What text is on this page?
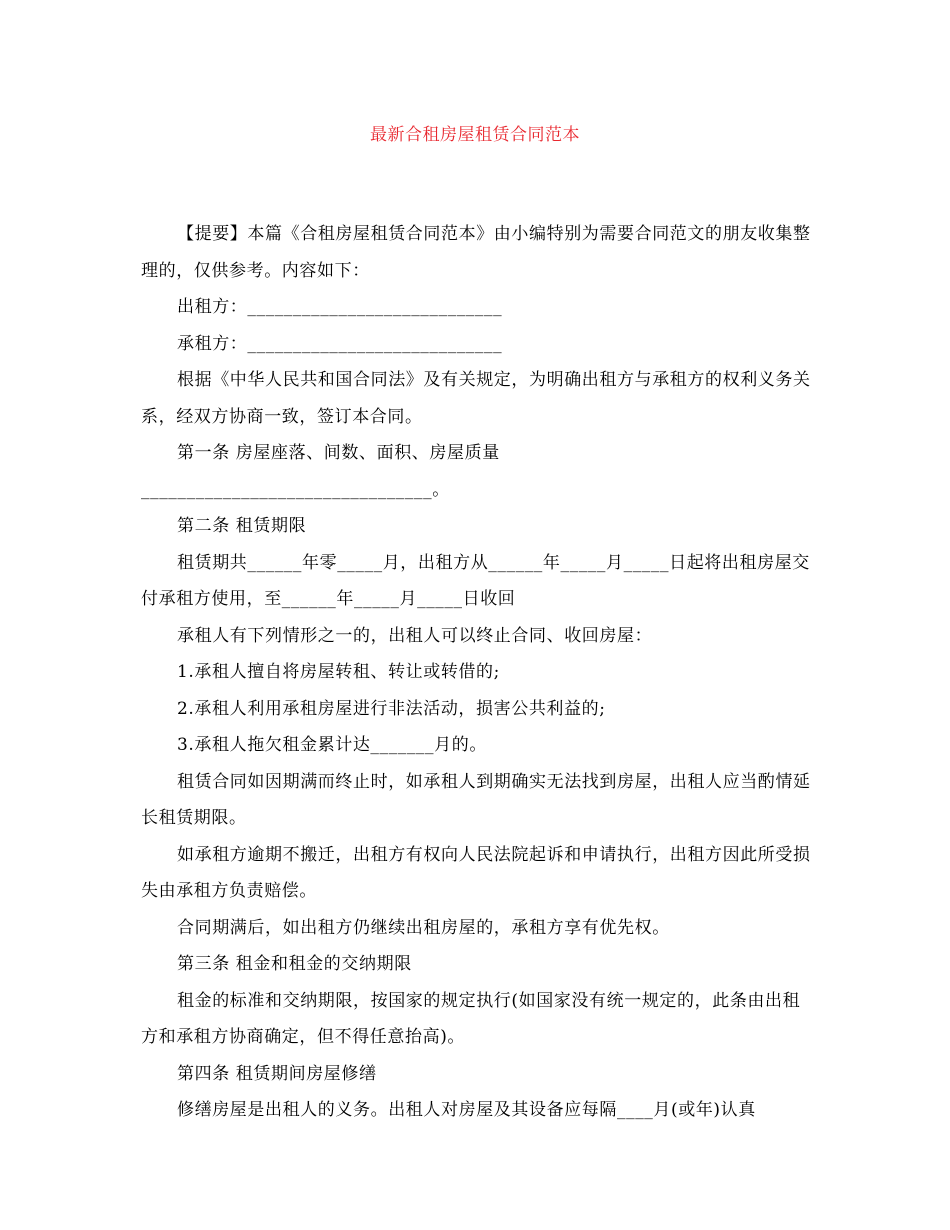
最新合租房屋租赁合同范本

【提要】本篇《合租房屋租赁合同范本》由小编特别为需要合同范文的朋友收集整理的，仅供参考。内容如下：

出租方：____________________________

承租方：____________________________

根据《中华人民共和国合同法》及有关规定，为明确出租方与承租方的权利义务关系，经双方协商一致，签订本合同。

第一条 房屋座落、间数、面积、房屋质量

________________________________。

第二条 租赁期限

租赁期共______年零_____月，出租方从______年_____月_____日起将出租房屋交付承租方使用，至______年_____月_____日收回

承租人有下列情形之一的，出租人可以终止合同、收回房屋：

1.承租人擅自将房屋转租、转让或转借的;

2.承租人利用承租房屋进行非法活动，损害公共利益的;

3.承租人拖欠租金累计达_______月的。

租赁合同如因期满而终止时，如承租人到期确实无法找到房屋，出租人应当酌情延长租赁期限。

如承租方逾期不搬迁，出租方有权向人民法院起诉和申请执行，出租方因此所受损失由承租方负责赔偿。

合同期满后，如出租方仍继续出租房屋的，承租方享有优先权。

第三条 租金和租金的交纳期限

租金的标准和交纳期限，按国家的规定执行(如国家没有统一规定的，此条由出租方和承租方协商确定，但不得任意抬高)。

第四条 租赁期间房屋修缮

修缮房屋是出租人的义务。出租人对房屋及其设备应每隔____月(或年)认真
